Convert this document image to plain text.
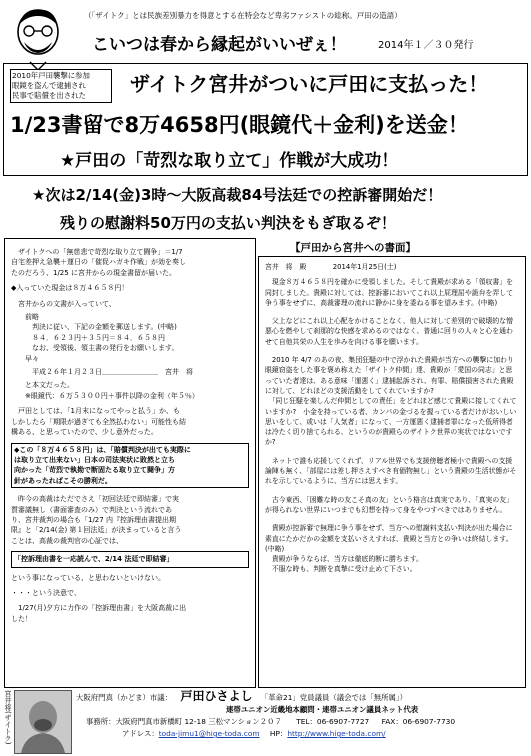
（「ザイトク」とは民族差別暴力を得意とする在特会など卑劣ファシストの総称。戸田の造語）
こいつは春から縁起がいいぜぇ！	2014年１／３０発行
2010年戸田襲撃に参加
眼鏡を盗んで逮捕され
民事で賠償を出された	ザイトク宮井がついに戸田に支払った！
1/23書留で8万4658円(眼鏡代＋金利)を送金！
★戸田の「苛烈な取り立て」作戦が大成功！
★次は2/14(金)3時～大阪高裁84号法廷での控訴審開始だ！
残りの慰謝料50万円の支払い判決をもぎ取るぞ！

　ザイトクへの「無慈悲で苛烈な取り立て闘争」＝1/7

自宅差押え急襲＋運日の「催促ハガキ作戦」が効を奏し

たのだろう、1/25 に宮井からの現金書留が届いた。

◆入っていた現金は８万４６５８円！

　宮井からの文書が入っていて、

　　前略

　　　判決に従い、下記の金額を郵送します。(中略)

　　　８４．６２３円＋３５円＝８４．６５８円

　　　なお、受領後、領主書の発行をお願いします。

　　早々

　　　平成２６年１月２３日＿＿＿＿＿＿＿＿　宮井　将

　　と本文だった。

　　※眼鏡代：６万５３００円＋事件以降の金利（年５％）

　戸田としては、「1月末になってやっと払う」か、も

しかしたら「期限が過ぎても全然払わない」可能性も結

構ある、と思っていたので、少し意外だった。

◆この「８万４６５８円」は、「賠償判決が出ても実際に

は取り立て出来ない」日本の司法実状に敗然と立ち

向かった「苛烈で執拗で断固たる取り立て闘争」方

針があったればこその勝利だ。

　昨今の高裁はただでさえ「初回法廷で即結審」で実

質審議無し（書面審査のみ）で判決という流れであ

り、宮井裁判の場合も「1/27 内『控訴理由書提出期

限』と「2/14(金) 第１回法廷」が決まっていると言う

ことは、高裁の裁判官の心証では、

「控訴理由書を一応読んで、2/14 法廷で即結審」

という事になっている、と思わないといけない。

・・・という決意で、

　1/27(月)夕方に力作の「控訴理由書」を大阪高裁に出

した！

【戸田から宮井への書面】

宮井　将　殿	2014年1月25日(土)

　現金８万４６５８円を確かに受領しました。そして貴殿が求める「領収書」を同封しました。貴殿に対しては、控訴審においてこれ以上屁理屈や詭弁を弄して争う事をせずに、高裁審理の流れに静かに身を委ねる事を望みます。(中略)

　父上などにこれ以上心配をかけることなく、他人に対して差別的で破壊的な憎悪心を燃やして刹那的な快感を求めるのではなく、普通に回りの人々と心を通わせて自他共栄の人生を歩みを向ける事を願います。

　2010 年 4/7 のあの夜、集団狂騒の中で浮かれた貴殿が当方への襲撃に加わり眼鏡窃盗をした事を褒め称えた「ザイトク仲間」達、貴殿が「愛国の同志」と思っていた者達は、ある意味「運悪く」逮捕起訴され、有罪、賠償損害された貴殿に対して、どれほどの支援活動をしてくれていますか?

　「同じ狂騒を楽しんだ仲間としての責任」をどれほど感じて貴殿に接してくれていますか?　小金を持っている者、カンパの金づるを握っている者だけがおいしい思いをして、或いは「人気者」になって、一方運悪く逮捕者罪になった低所得者は冷たく切り捨てられる、というのが貴殿らのザイトク世界の実状ではないですか?

　ネットで誰も応援してくれず、リアル世界でも支援傍聴者極小で貴殿への支援論陣も無く、「部屋には差し押さえすべき有価物無し」という貴殿の生活状態がそれを示しているように、当方には思えます。

　古今東西、「困難な時の友こそ真の友」という格言は真実であり、「真実の友」が得られない世界にいつまでも幻想を持って身をやつすべきではありません。

　貴殿が控訴審で無理に争う事をせず、当方への慰謝料支払い判決が出た場合に素直にたかだかの金額を支払いさえすれば、貴殿と当方との争いは終結します。(中略)

　貴殿が争うならば、当方は徹底的断に勝ちます。

　不服な時も、判断を真摯に受け止めて下さい。

宮井将(ザイトク)	大阪府門真（かどま）市議： 戸田ひさよし 「革命21」党員議員（議会では「無所属」）
連帯ユニオン近畿地本顧問・連帯ユニオン議員ネット代表
事務所：大阪府門真市新橋町 12-18 三松マンション２０７ TEL：06-6907-7727 FAX：06-6907-7730
アドレス：toda-jimu1@hige-toda.com HP：http://www.hige-toda.com/
